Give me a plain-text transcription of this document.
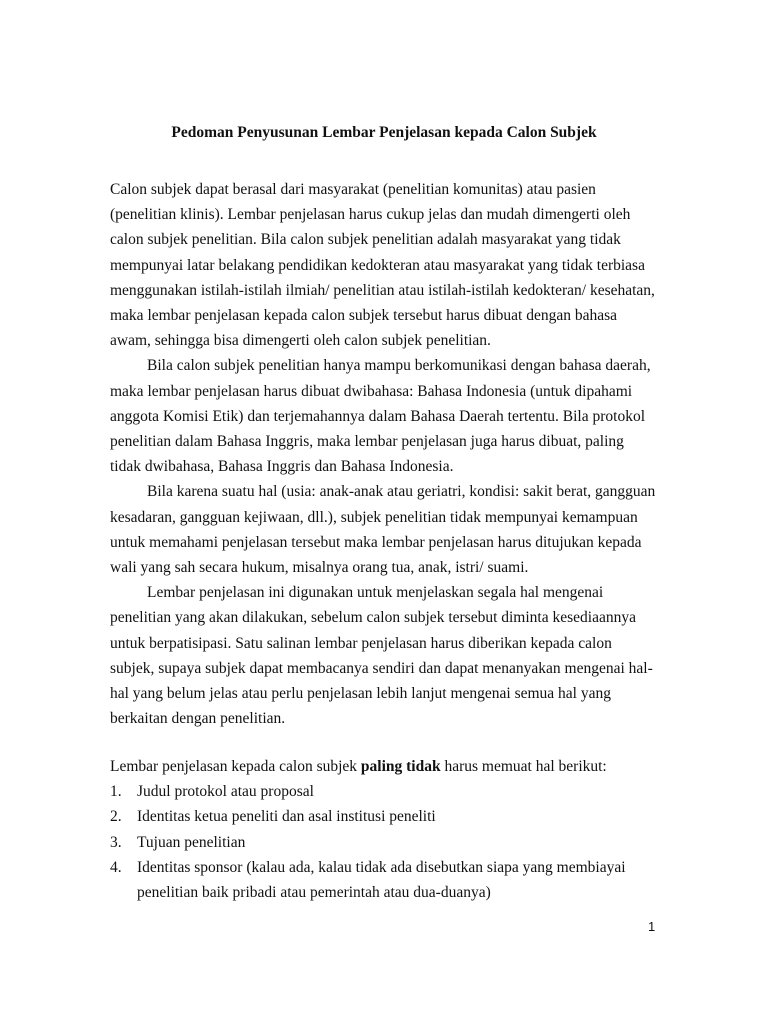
Pedoman Penyusunan Lembar Penjelasan kepada Calon Subjek

Calon subjek dapat berasal dari masyarakat (penelitian komunitas) atau pasien (penelitian klinis). Lembar penjelasan harus cukup jelas dan mudah dimengerti oleh calon subjek penelitian. Bila calon subjek penelitian adalah masyarakat yang tidak mempunyai latar belakang pendidikan kedokteran atau masyarakat yang tidak terbiasa menggunakan istilah-istilah ilmiah/ penelitian atau istilah-istilah kedokteran/ kesehatan, maka lembar penjelasan kepada calon subjek tersebut harus dibuat dengan bahasa awam, sehingga bisa dimengerti oleh calon subjek penelitian.

Bila calon subjek penelitian hanya mampu berkomunikasi dengan bahasa daerah, maka lembar penjelasan harus dibuat dwibahasa: Bahasa Indonesia (untuk dipahami anggota Komisi Etik) dan terjemahannya dalam Bahasa Daerah tertentu. Bila protokol penelitian dalam Bahasa Inggris, maka lembar penjelasan juga harus dibuat, paling tidak dwibahasa, Bahasa Inggris dan Bahasa Indonesia.

Bila karena suatu hal (usia: anak-anak atau geriatri, kondisi: sakit berat, gangguan kesadaran, gangguan kejiwaan, dll.), subjek penelitian tidak mempunyai kemampuan untuk memahami penjelasan tersebut maka lembar penjelasan harus ditujukan kepada wali yang sah secara hukum, misalnya orang tua, anak, istri/ suami.

Lembar penjelasan ini digunakan untuk menjelaskan segala hal mengenai penelitian yang akan dilakukan, sebelum calon subjek tersebut diminta kesediaannya untuk berpatisipasi. Satu salinan lembar penjelasan harus diberikan kepada calon subjek, supaya subjek dapat membacanya sendiri dan dapat menanyakan mengenai hal-hal yang belum jelas atau perlu penjelasan lebih lanjut mengenai semua hal yang berkaitan dengan penelitian.

Lembar penjelasan kepada calon subjek paling tidak harus memuat hal berikut:

1. Judul protokol atau proposal
2. Identitas ketua peneliti dan asal institusi peneliti
3. Tujuan penelitian
4. Identitas sponsor (kalau ada, kalau tidak ada disebutkan siapa yang membiayai penelitian baik pribadi atau pemerintah atau dua-duanya)
1
